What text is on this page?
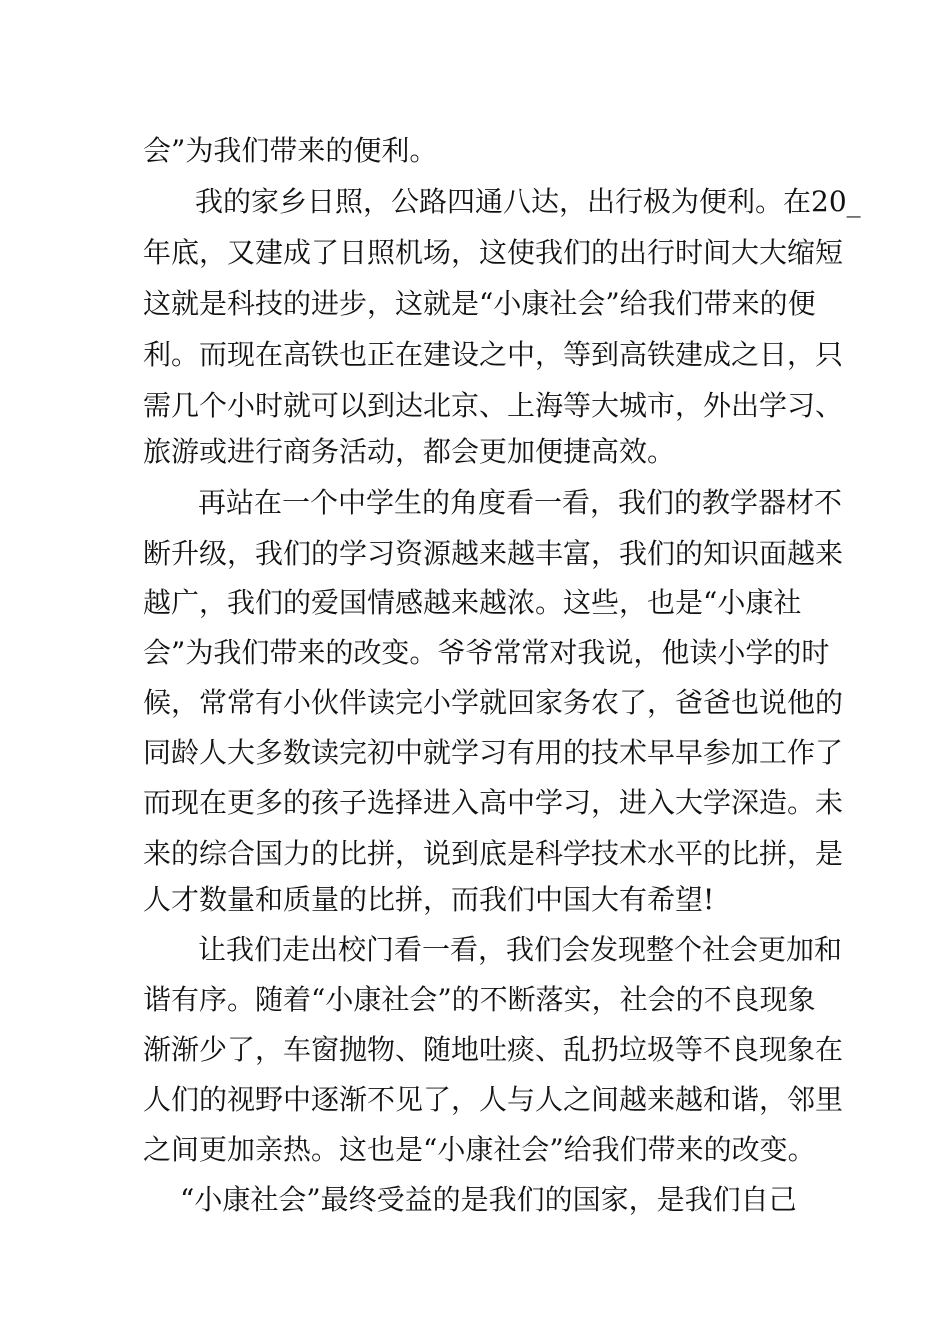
会”为我们带来的便利。

我的家乡日照，公路四通八达，出行极为便利。在20_

年底，又建成了日照机场，这使我们的出行时间大大缩短

这就是科技的进步，这就是“小康社会”给我们带来的便

利。而现在高铁也正在建设之中，等到高铁建成之日，只

需几个小时就可以到达北京、上海等大城市，外出学习、

旅游或进行商务活动，都会更加便捷高效。

再站在一个中学生的角度看一看，我们的教学器材不

断升级，我们的学习资源越来越丰富，我们的知识面越来

越广，我们的爱国情感越来越浓。这些，也是“小康社

会”为我们带来的改变。爷爷常常对我说，他读小学的时

候，常常有小伙伴读完小学就回家务农了，爸爸也说他的

同龄人大多数读完初中就学习有用的技术早早参加工作了

而现在更多的孩子选择进入高中学习，进入大学深造。未

来的综合国力的比拼，说到底是科学技术水平的比拼，是

人才数量和质量的比拼，而我们中国大有希望!

让我们走出校门看一看，我们会发现整个社会更加和

谐有序。随着“小康社会”的不断落实，社会的不良现象

渐渐少了，车窗抛物、随地吐痰、乱扔垃圾等不良现象在

人们的视野中逐渐不见了，人与人之间越来越和谐，邻里

之间更加亲热。这也是“小康社会”给我们带来的改变。

“小康社会”最终受益的是我们的国家，是我们自己
